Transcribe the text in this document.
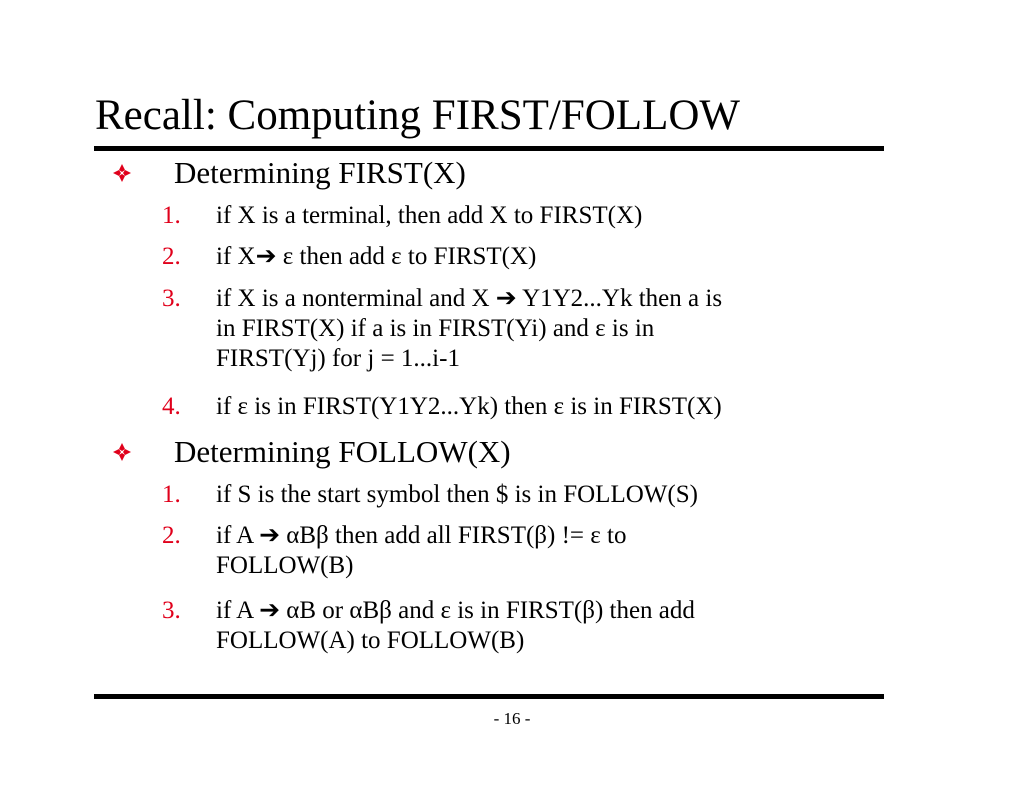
Recall: Computing FIRST/FOLLOW
Determining FIRST(X)
1. if X is a terminal, then add X to FIRST(X)
2. if X➔ ε then add ε to FIRST(X)
3. if X is a nonterminal and X ➔ Y1Y2...Yk then a is
in FIRST(X) if a is in FIRST(Yi) and ε is in
FIRST(Yj) for j = 1...i-1
4. if ε is in FIRST(Y1Y2...Yk) then ε is in FIRST(X)
Determining FOLLOW(X)
1. if S is the start symbol then $ is in FOLLOW(S)
2. if A ➔ αBβ then add all FIRST(β) != ε to
FOLLOW(B)
3. if A ➔ αB or αBβ and ε is in FIRST(β) then add
FOLLOW(A) to FOLLOW(B)
- 16 -
